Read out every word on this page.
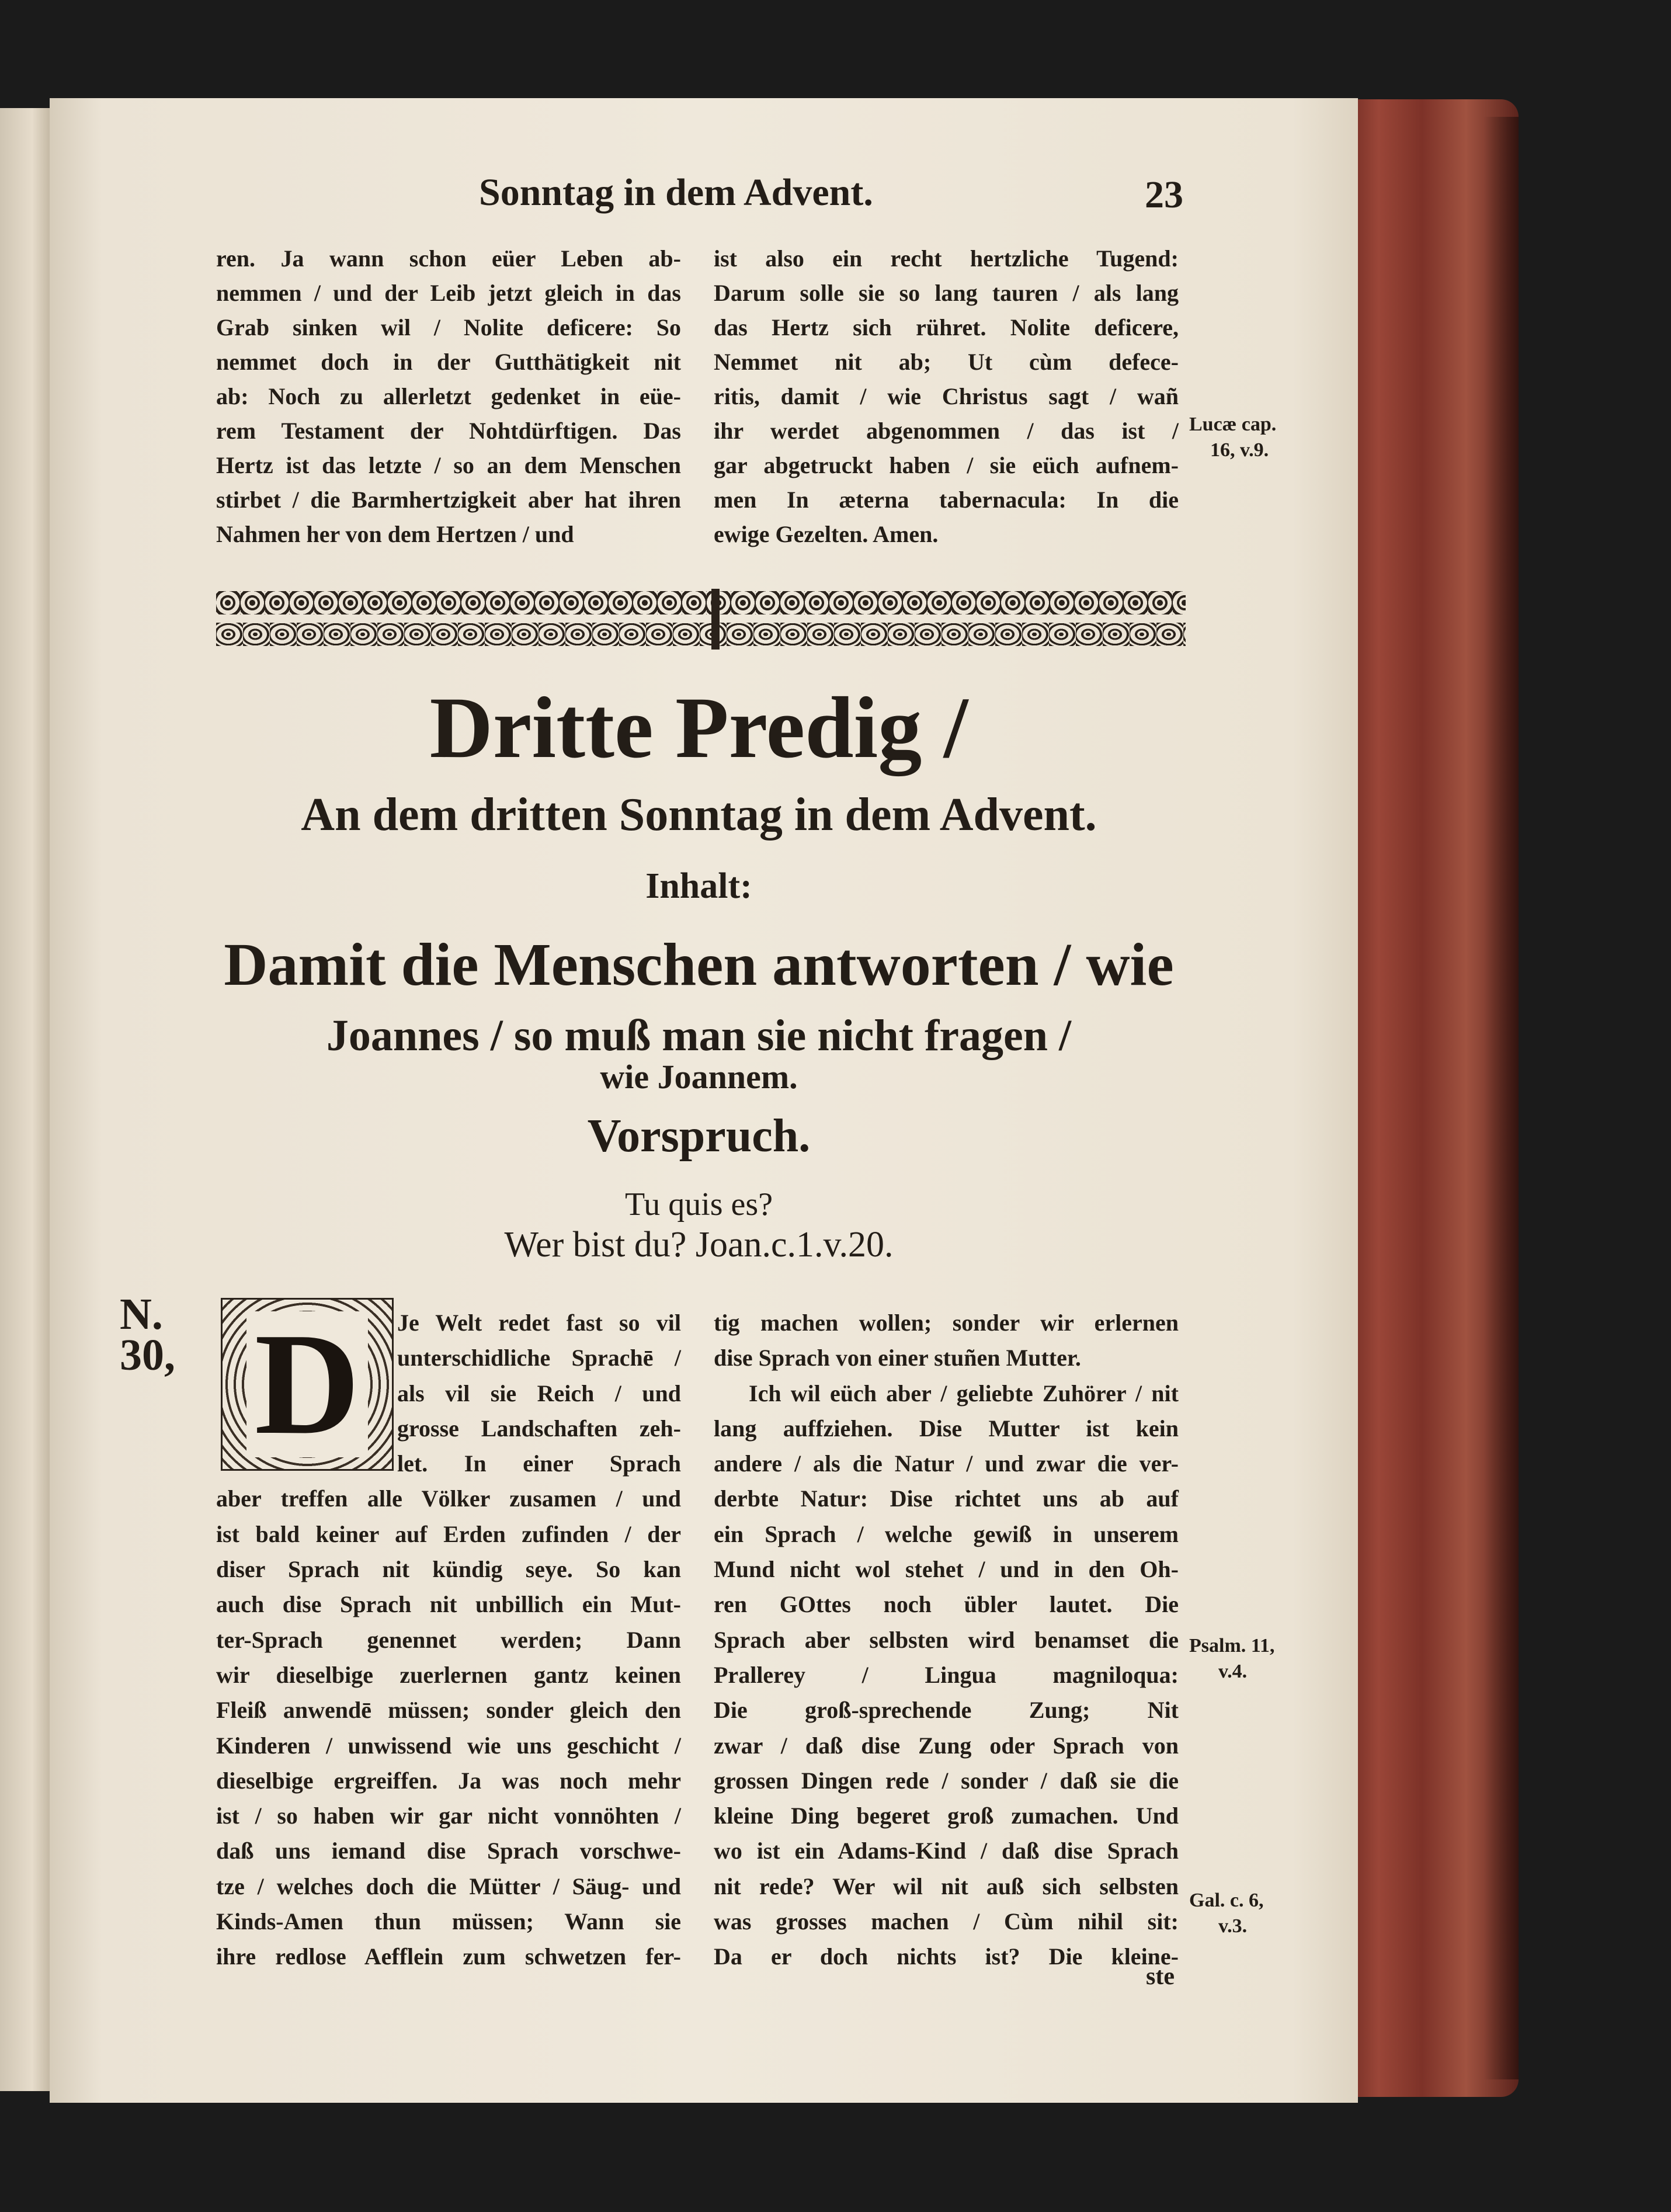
Sonntag in dem Advent.	23
ren. Ja wann schon eüer Leben ab-
nemmen / und der Leib jetzt gleich in das
Grab sinken wil / Nolite deficere: So
nemmet doch in der Gutthätigkeit nit
ab: Noch zu allerletzt gedenket in eüe-
rem Testament der Nohtdürftigen. Das
Hertz ist das letzte / so an dem Menschen
stirbet / die Barmhertzigkeit aber hat ihren
Nahmen her von dem Hertzen / und
ist also ein recht hertzliche Tugend:
Darum solle sie so lang tauren / als lang
das Hertz sich rühret. Nolite deficere,
Nemmet nit ab; Ut cùm defece-
ritis, damit / wie Christus sagt / wañ
ihr werdet abgenommen / das ist /
gar abgetruckt haben / sie eüch aufnem-
men In æterna tabernacula: In die
ewige Gezelten. Amen.
Lucæ cap.
16, v.9.
Dritte Predig /
An dem dritten Sonntag in dem Advent.
Inhalt:
Damit die Menschen antworten / wie
Joannes / so muß man sie nicht fragen /
wie Joannem.
Vorspruch.
Tu quis es?
Wer bist du? Joan.c.1.v.20.
N.
30, D	Je Welt redet fast so vil
unterschidliche Sprachē /
als vil sie Reich / und
grosse Landschaften zeh-
let. In einer Sprach
aber treffen alle Völker zusamen / und
ist bald keiner auf Erden zufinden / der
diser Sprach nit kündig seye. So kan
auch dise Sprach nit unbillich ein Mut-
ter-Sprach genennet werden; Dann
wir dieselbige zuerlernen gantz keinen
Fleiß anwendē müssen; sonder gleich den
Kinderen / unwissend wie uns geschicht /
dieselbige ergreiffen. Ja was noch mehr
ist / so haben wir gar nicht vonnöhten /
daß uns iemand dise Sprach vorschwe-
tze / welches doch die Mütter / Säug- und
Kinds-Amen thun müssen; Wann sie
ihre redlose Aefflein zum schwetzen fer-
tig machen wollen; sonder wir erlernen
dise Sprach von einer stuñen Mutter.
Ich wil eüch aber / geliebte Zuhörer / nit
lang auffziehen. Dise Mutter ist kein
andere / als die Natur / und zwar die ver-
derbte Natur: Dise richtet uns ab auf
ein Sprach / welche gewiß in unserem
Mund nicht wol stehet / und in den Oh-
ren GOttes noch übler lautet. Die
Sprach aber selbsten wird benamset die
Prallerey / Lingua magniloqua:
Die groß-sprechende Zung; Nit
zwar / daß dise Zung oder Sprach von
grossen Dingen rede / sonder / daß sie die
kleine Ding begeret groß zumachen. Und
wo ist ein Adams-Kind / daß dise Sprach
nit rede? Wer wil nit auß sich selbsten
was grosses machen / Cùm nihil sit:
Da er doch nichts ist? Die kleine-
Psalm. 11,
v.4.
Gal. c. 6,
v.3.
ste
